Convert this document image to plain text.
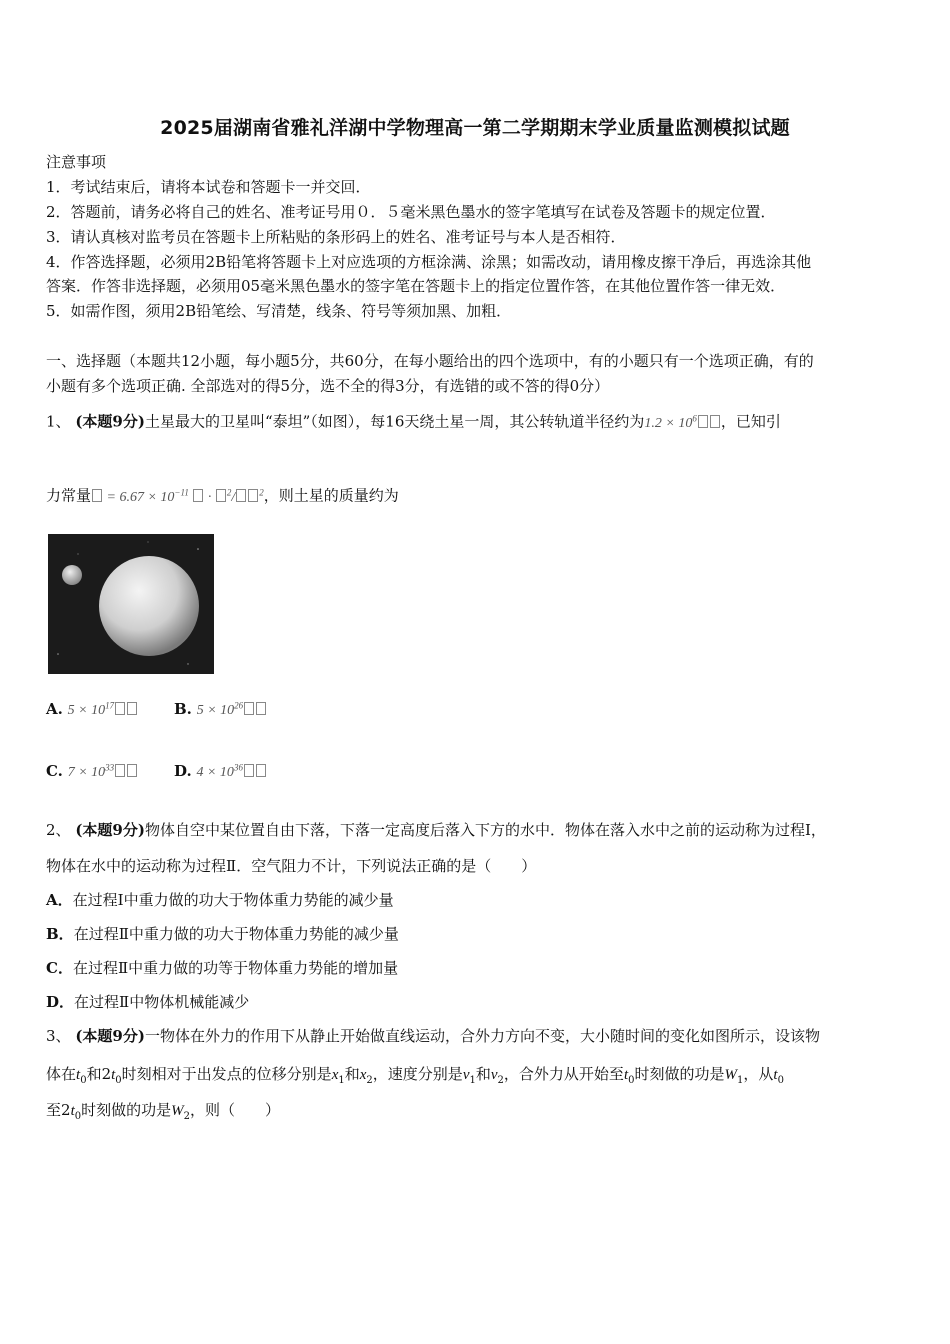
2025届湖南省雅礼洋湖中学物理高一第二学期期末学业质量监测模拟试题
注意事项
1．考试结束后，请将本试卷和答题卡一并交回．
2．答题前，请务必将自己的姓名、准考证号用０．５毫米黑色墨水的签字笔填写在试卷及答题卡的规定位置．
3．请认真核对监考员在答题卡上所粘贴的条形码上的姓名、准考证号与本人是否相符．
4．作答选择题，必须用2B铅笔将答题卡上对应选项的方框涂满、涂黑；如需改动，请用橡皮擦干净后，再选涂其他
答案．作答非选择题，必须用05毫米黑色墨水的签字笔在答题卡上的指定位置作答，在其他位置作答一律无效．
5．如需作图，须用2B铅笔绘、写清楚，线条、符号等须加黑、加粗．
一、选择题（本题共12小题，每小题5分，共60分，在每小题给出的四个选项中，有的小题只有一个选项正确，有的
小题有多个选项正确. 全部选对的得5分，选不全的得3分，有选错的或不答的得0分）
1、 (本题9分)土星最大的卫星叫“泰坦”（如图），每16天绕土星一周，其公转轨道半径约为$1.2 \times 10^6$ ，已知引
力常量 = $6.67 \times 10^{-11} \cdot ^2/$	$^2$，则土星的质量约为
A. $5 \times 10^{17}$	B. $5 \times 10^{26}$
C. $7 \times 10^{33}$	D. $4 \times 10^{36}$
2、 (本题9分)物体自空中某位置自由下落，下落一定高度后落入下方的水中．物体在落入水中之前的运动称为过程Ⅰ，
物体在水中的运动称为过程Ⅱ．空气阻力不计，下列说法正确的是（　　）
A．在过程Ⅰ中重力做的功大于物体重力势能的减少量
B．在过程Ⅱ中重力做的功大于物体重力势能的减少量
C．在过程Ⅱ中重力做的功等于物体重力势能的增加量
D．在过程Ⅱ中物体机械能减少
3、 (本题9分)一物体在外力的作用下从静止开始做直线运动，合外力方向不变，大小随时间的变化如图所示，设该物
体在$t_0$和$2t_0$时刻相对于出发点的位移分别是$x_1$和$x_2$，速度分别是$v_1$和$v_2$，合外力从开始至$t_0$时刻做的功是$W_1$，从$t_0$
至$2t_0$时刻做的功是$W_2$，则（　　）
